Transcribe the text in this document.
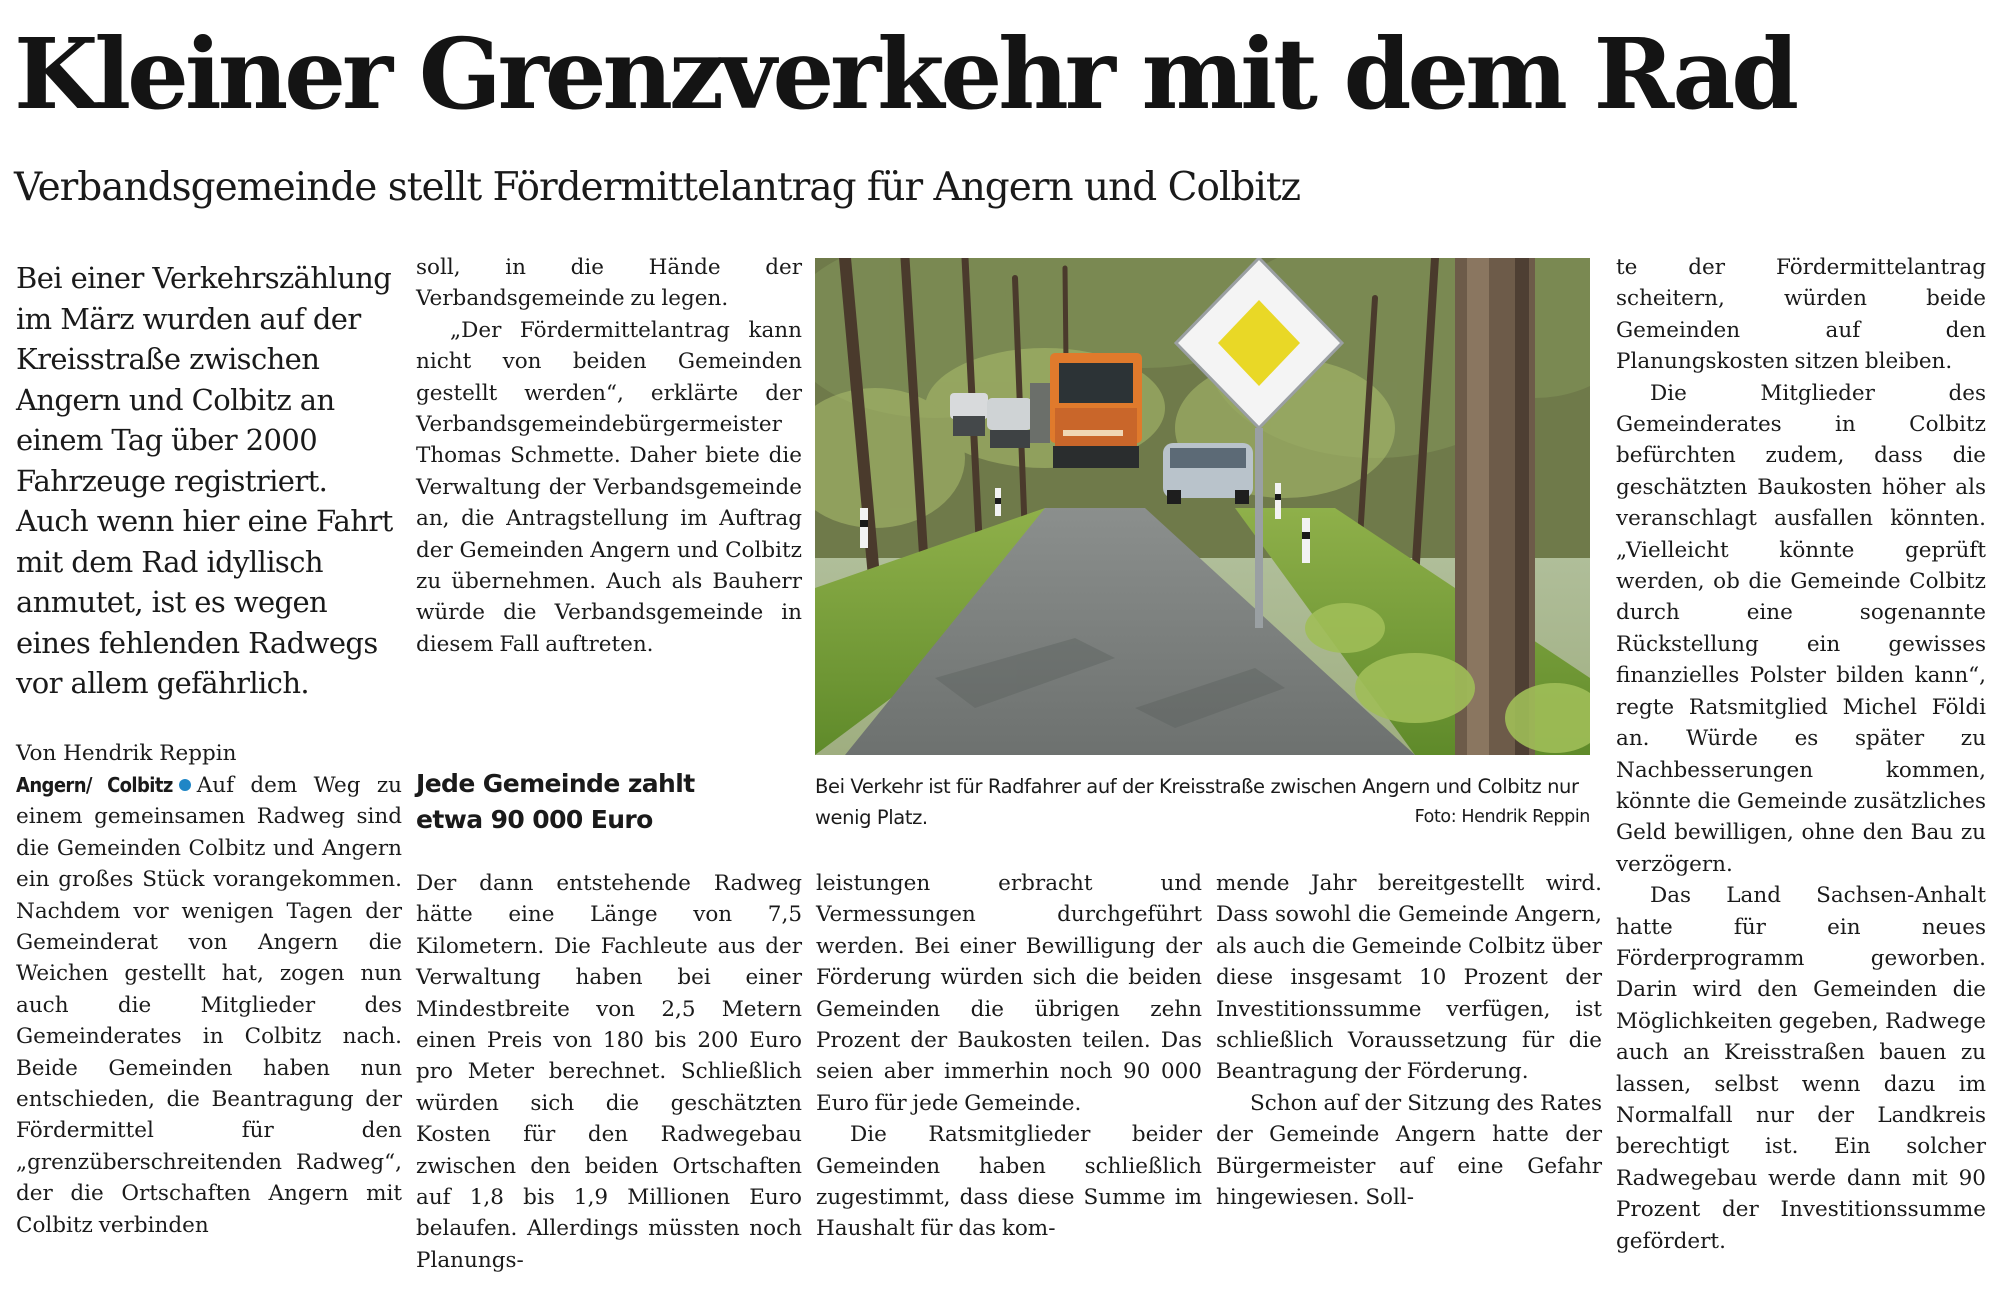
Kleiner Grenzverkehr mit dem Rad
Verbandsgemeinde stellt Fördermittelantrag für Angern und Colbitz

Bei einer Verkehrszählung im März wurden auf der Kreisstraße zwischen Angern und Colbitz an einem Tag über 2000 Fahrzeuge registriert. Auch wenn hier eine Fahrt mit dem Rad idyllisch anmutet, ist es wegen eines fehlenden Radwegs vor allem gefährlich.

Von Hendrik Reppin

Angern/ Colbitz Auf dem Weg zu einem gemeinsamen Radweg sind die Gemeinden Colbitz und Angern ein großes Stück vorangekommen. Nachdem vor wenigen Tagen der Gemeinderat von Angern die Weichen gestellt hat, zogen nun auch die Mitglieder des Gemeinderates in Colbitz nach. Beide Gemeinden haben nun entschieden, die Beantragung der Fördermittel für den „grenzüberschreitenden Radweg“, der die Ortschaften Angern mit Colbitz verbinden

soll, in die Hände der Verbandsgemeinde zu legen.

„Der Fördermittelantrag kann nicht von beiden Gemeinden gestellt werden“, erklärte der Verbandsgemeindebürgermeister Thomas Schmette. Daher biete die Verwaltung der Verbandsgemeinde an, die Antragstellung im Auftrag der Gemeinden Angern und Colbitz zu übernehmen. Auch als Bauherr würde die Verbandsgemeinde in diesem Fall auftreten.

Jede Gemeinde zahlt
etwa 90 000 Euro

Der dann entstehende Radweg hätte eine Länge von 7,5 Kilometern. Die Fachleute aus der Verwaltung haben bei einer Mindestbreite von 2,5 Metern einen Preis von 180 bis 200 Euro pro Meter berechnet. Schließlich würden sich die geschätzten Kosten für den Radwegebau zwischen den beiden Ortschaften auf 1,8 bis 1,9 Millionen Euro belaufen. Allerdings müssten noch Planungs-

Bei Verkehr ist für Radfahrer auf der Kreisstraße zwischen Angern und Colbitz nur wenig Platz.	Foto: Hendrik Reppin

leistungen erbracht und Vermessungen durchgeführt werden. Bei einer Bewilligung der Förderung würden sich die beiden Gemeinden die übrigen zehn Prozent der Baukosten teilen. Das seien aber immerhin noch 90 000 Euro für jede Gemeinde.

Die Ratsmitglieder beider Gemeinden haben schließlich zugestimmt, dass diese Summe im Haushalt für das kom-

mende Jahr bereitgestellt wird. Dass sowohl die Gemeinde Angern, als auch die Gemeinde Colbitz über diese insgesamt 10 Prozent der Investitionssumme verfügen, ist schließlich Voraussetzung für die Beantragung der Förderung.

Schon auf der Sitzung des Rates der Gemeinde Angern hatte der Bürgermeister auf eine Gefahr hingewiesen. Soll-

te der Fördermittelantrag scheitern, würden beide Gemeinden auf den Planungskosten sitzen bleiben.

Die Mitglieder des Gemeinderates in Colbitz befürchten zudem, dass die geschätzten Baukosten höher als veranschlagt ausfallen könnten. „Vielleicht könnte geprüft werden, ob die Gemeinde Colbitz durch eine sogenannte Rückstellung ein gewisses finanzielles Polster bilden kann“, regte Ratsmitglied Michel Földi an. Würde es später zu Nachbesserungen kommen, könnte die Gemeinde zusätzliches Geld bewilligen, ohne den Bau zu verzögern.

Das Land Sachsen-Anhalt hatte für ein neues Förderprogramm geworben. Darin wird den Gemeinden die Möglichkeiten gegeben, Radwege auch an Kreisstraßen bauen zu lassen, selbst wenn dazu im Normalfall nur der Landkreis berechtigt ist. Ein solcher Radwegebau werde dann mit 90 Prozent der Investitionssumme gefördert.
